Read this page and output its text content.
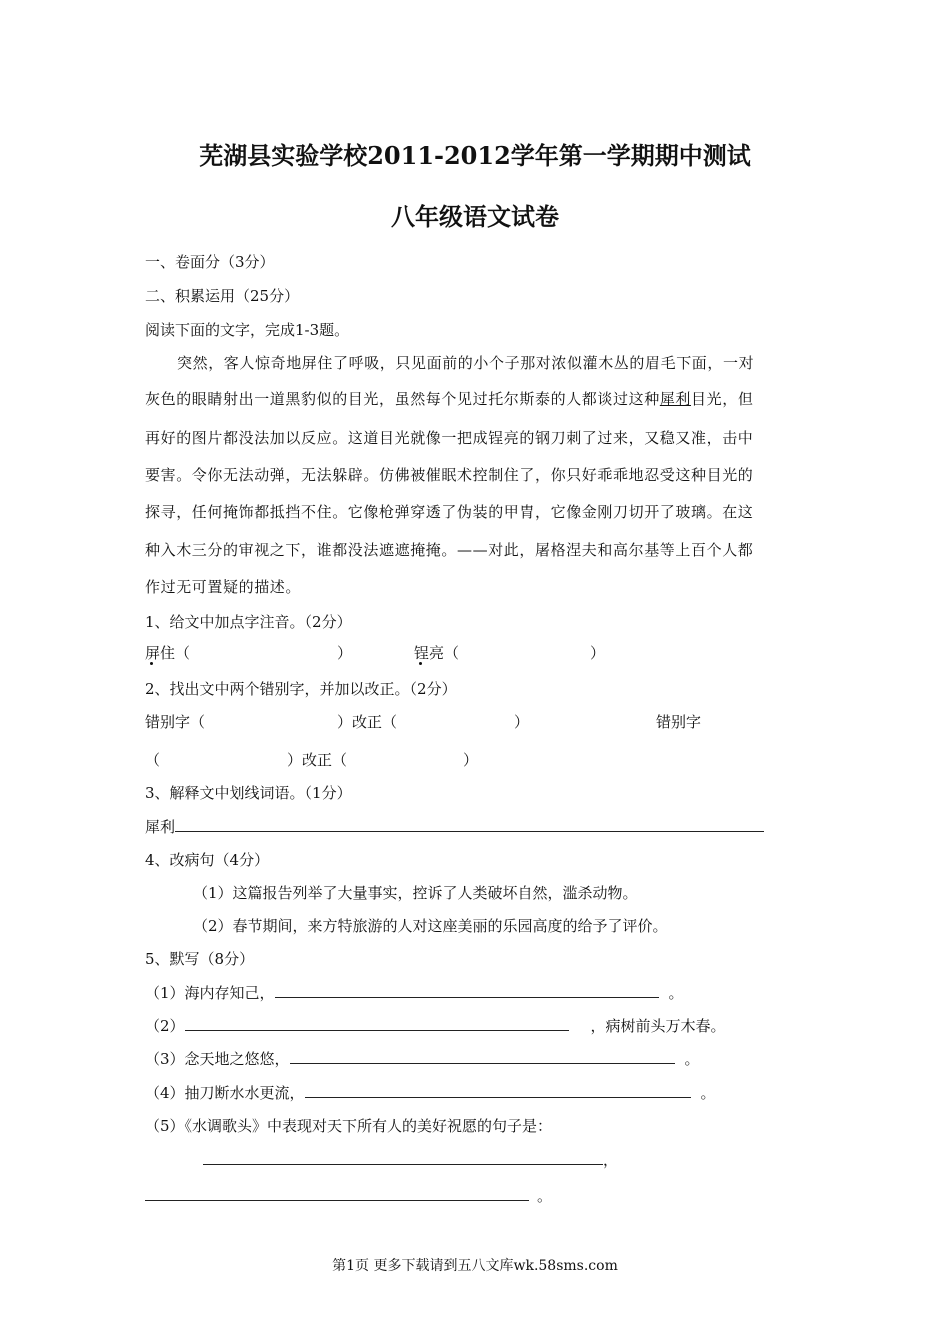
芜湖县实验学校2011-2012学年第一学期期中测试
八年级语文试卷
一、卷面分（3分）
二、积累运用（25分）
阅读下面的文字，完成1-3题。
突然，客人惊奇地屏住了呼吸，只见面前的小个子那对浓似灌木丛的眉毛下面，一对
灰色的眼睛射出一道黑豹似的目光，虽然每个见过托尔斯泰的人都谈过这种犀利目光，但
再好的图片都没法加以反应。这道目光就像一把成锃亮的钢刀刺了过来，又稳又准，击中
要害。令你无法动弹，无法躲辟。仿佛被催眠术控制住了，你只好乖乖地忍受这种目光的
探寻，任何掩饰都抵挡不住。它像枪弹穿透了伪装的甲胄，它像金刚刀切开了玻璃。在这
种入木三分的审视之下，谁都没法遮遮掩掩。——对此，屠格涅夫和高尔基等上百个人都
作过无可置疑的描述。
1、给文中加点字注音。（2分）
屏住（	）	锃亮（	）
2、找出文中两个错别字，并加以改正。（2分）
错别字（	）改正（	）	错别字
（	）改正（	）
3、解释文中划线词语。（1分）
犀利
4、改病句（4分）
（1）这篇报告列举了大量事实，控诉了人类破坏自然，滥杀动物。
（2）春节期间，来方特旅游的人对这座美丽的乐园高度的给予了评价。
5、默写（8分）
（1）海内存知己，	。
（2）	，病树前头万木春。
（3）念天地之悠悠，	。
（4）抽刀断水水更流，	。
（5）《水调歌头》中表现对天下所有人的美好祝愿的句子是：
，
。
第1页 更多下载请到五八文库wk.58sms.com
